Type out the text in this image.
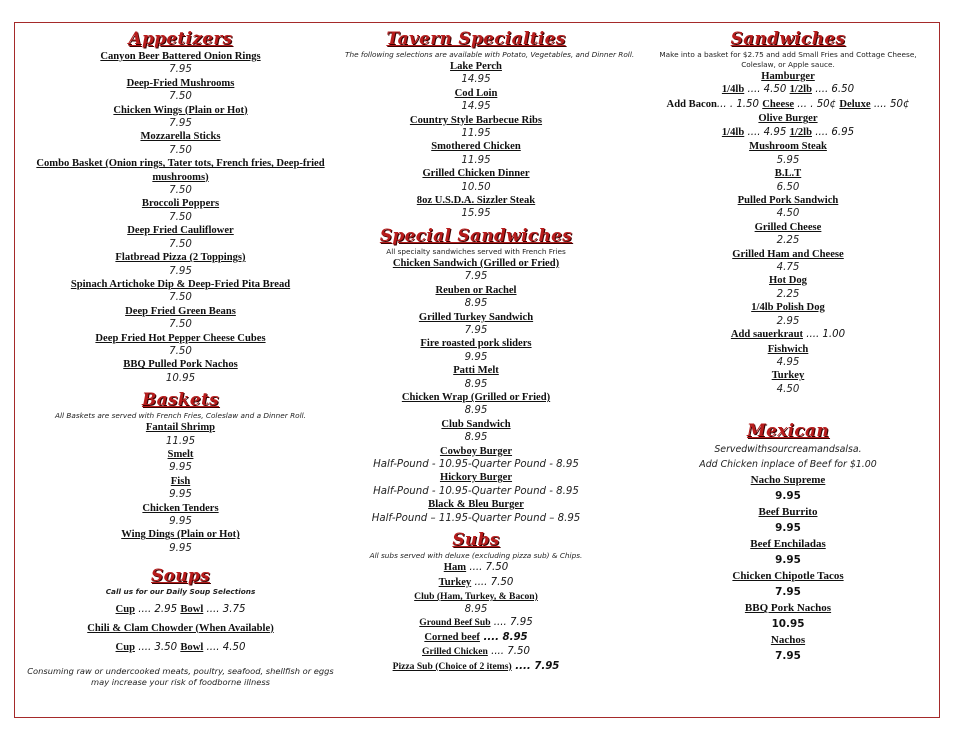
Appetizers
Canyon Beer Battered Onion Rings
7.95
Deep-Fried Mushrooms
7.50
Chicken Wings (Plain or Hot)
7.95
Mozzarella Sticks
7.50
Combo Basket (Onion rings, Tater tots, French fries, Deep-fried mushrooms)
7.50
Broccoli Poppers
7.50
Deep Fried Cauliflower
7.50
Flatbread Pizza (2 Toppings)
7.95
Spinach Artichoke Dip & Deep-Fried Pita Bread
7.50
Deep Fried Green Beans
7.50
Deep Fried Hot Pepper Cheese Cubes
7.50
BBQ Pulled Pork Nachos
10.95
Baskets
All Baskets are served with French Fries, Coleslaw and a Dinner Roll.
Fantail Shrimp
11.95
Smelt
9.95
Fish
9.95
Chicken Tenders
9.95
Wing Dings (Plain or Hot)
9.95
Soups
Call us for our Daily Soup Selections
Cup .... 2.95 Bowl .... 3.75
Chili & Clam Chowder (When Available)
Cup .... 3.50 Bowl .... 4.50
Consuming raw or undercooked meats, poultry, seafood, shellfish or eggs
may increase your risk of foodborne illness
Tavern Specialties
The following selections are available with Potato, Vegetables, and Dinner Roll.
Lake Perch
14.95
Cod Loin
14.95
Country Style Barbecue Ribs
11.95
Smothered Chicken
11.95
Grilled Chicken Dinner
10.50
8oz U.S.D.A. Sizzler Steak
15.95
Special Sandwiches
All specialty sandwiches served with French Fries
Chicken Sandwich (Grilled or Fried)
7.95
Reuben or Rachel
8.95
Grilled Turkey Sandwich
7.95
Fire roasted pork sliders
9.95
Patti Melt
8.95
Chicken Wrap (Grilled or Fried)
8.95
Club Sandwich
8.95
Cowboy Burger
Half-Pound - 10.95-Quarter Pound - 8.95
Hickory Burger
Half-Pound - 10.95-Quarter Pound - 8.95
Black & Bleu Burger
Half-Pound – 11.95-Quarter Pound – 8.95
Subs
All subs served with deluxe (excluding pizza sub) & Chips.
Ham .... 7.50
Turkey .... 7.50
Club (Ham, Turkey, & Bacon)
8.95
Ground Beef Sub .... 7.95
Corned beef .... 8.95
Grilled Chicken .... 7.50
Pizza Sub (Choice of 2 items) .... 7.95
Sandwiches
Make into a basket for $2.75 and add Small Fries and Cottage Cheese, Coleslaw, or Apple sauce.
Hamburger
1/4lb .... 4.50 1/2lb .... 6.50
Add Bacon... . 1.50 Cheese ... . 50¢ Deluxe .... 50¢
Olive Burger
1/4lb .... 4.95 1/2lb .... 6.95
Mushroom Steak
5.95
B.L.T
6.50
Pulled Pork Sandwich
4.50
Grilled Cheese
2.25
Grilled Ham and Cheese
4.75
Hot Dog
2.25
1/4lb Polish Dog
2.95
Add sauerkraut .... 1.00
Fishwich
4.95
Turkey
4.50
Mexican
Servedwithsourcreamandsalsa.
Add Chicken inplace of Beef for $1.00
Nacho Supreme
9.95
Beef Burrito
9.95
Beef Enchiladas
9.95
Chicken Chipotle Tacos
7.95
BBQ Pork Nachos
10.95
Nachos
7.95
